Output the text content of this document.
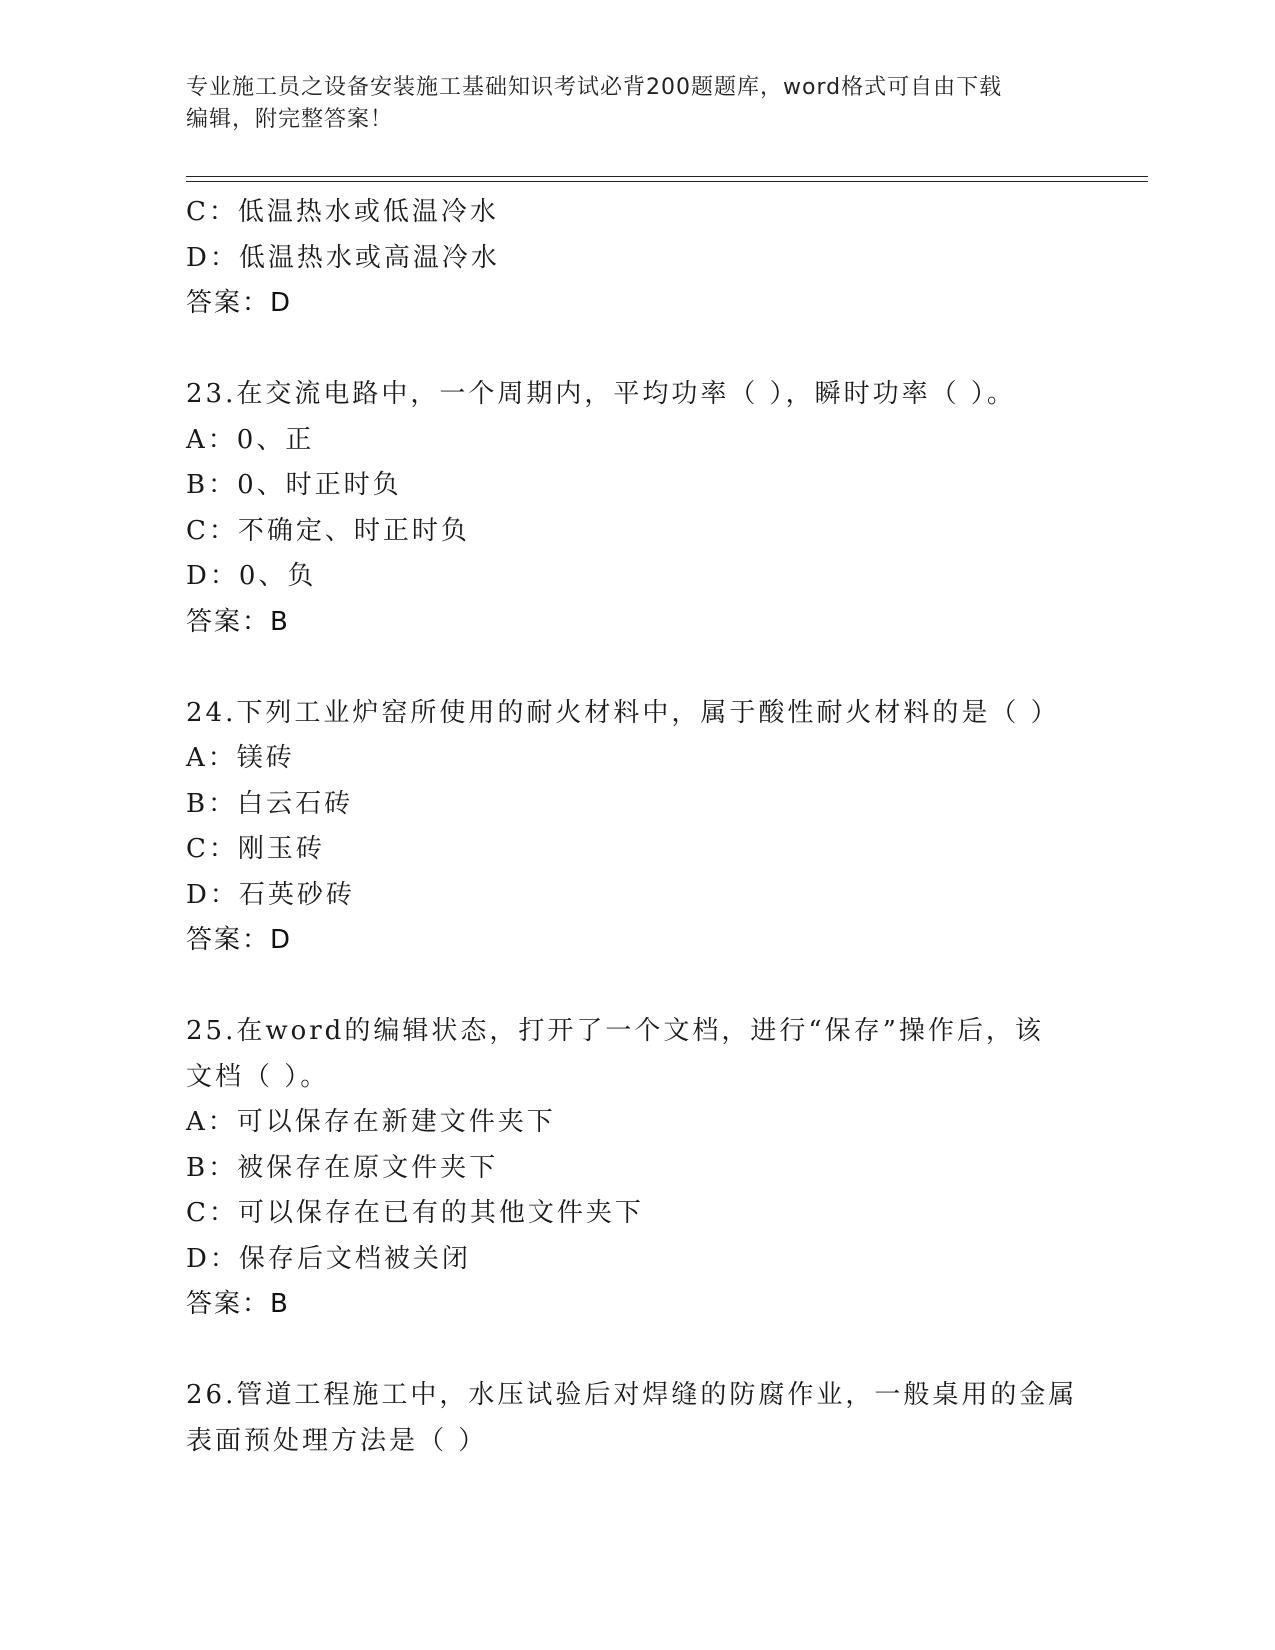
专业施工员之设备安装施工基础知识考试必背200题题库，word格式可自由下载

编辑，附完整答案！

C：低温热水或低温冷水
D：低温热水或高温冷水
答案：D
23.在交流电路中，一个周期内，平均功率（ ），瞬时功率（ ）。
A：0、正
B：0、时正时负
C：不确定、时正时负
D：0、负
答案：B
24.下列工业炉窑所使用的耐火材料中，属于酸性耐火材料的是（ ）
A：镁砖
B：白云石砖
C：刚玉砖
D：石英砂砖
答案：D
25.在word的编辑状态，打开了一个文档，进行“保存”操作后，该
文档（ ）。
A：可以保存在新建文件夹下
B：被保存在原文件夹下
C：可以保存在已有的其他文件夹下
D：保存后文档被关闭
答案：B
26.管道工程施工中，水压试验后对焊缝的防腐作业，一般桌用的金属
表面预处理方法是（ ）
